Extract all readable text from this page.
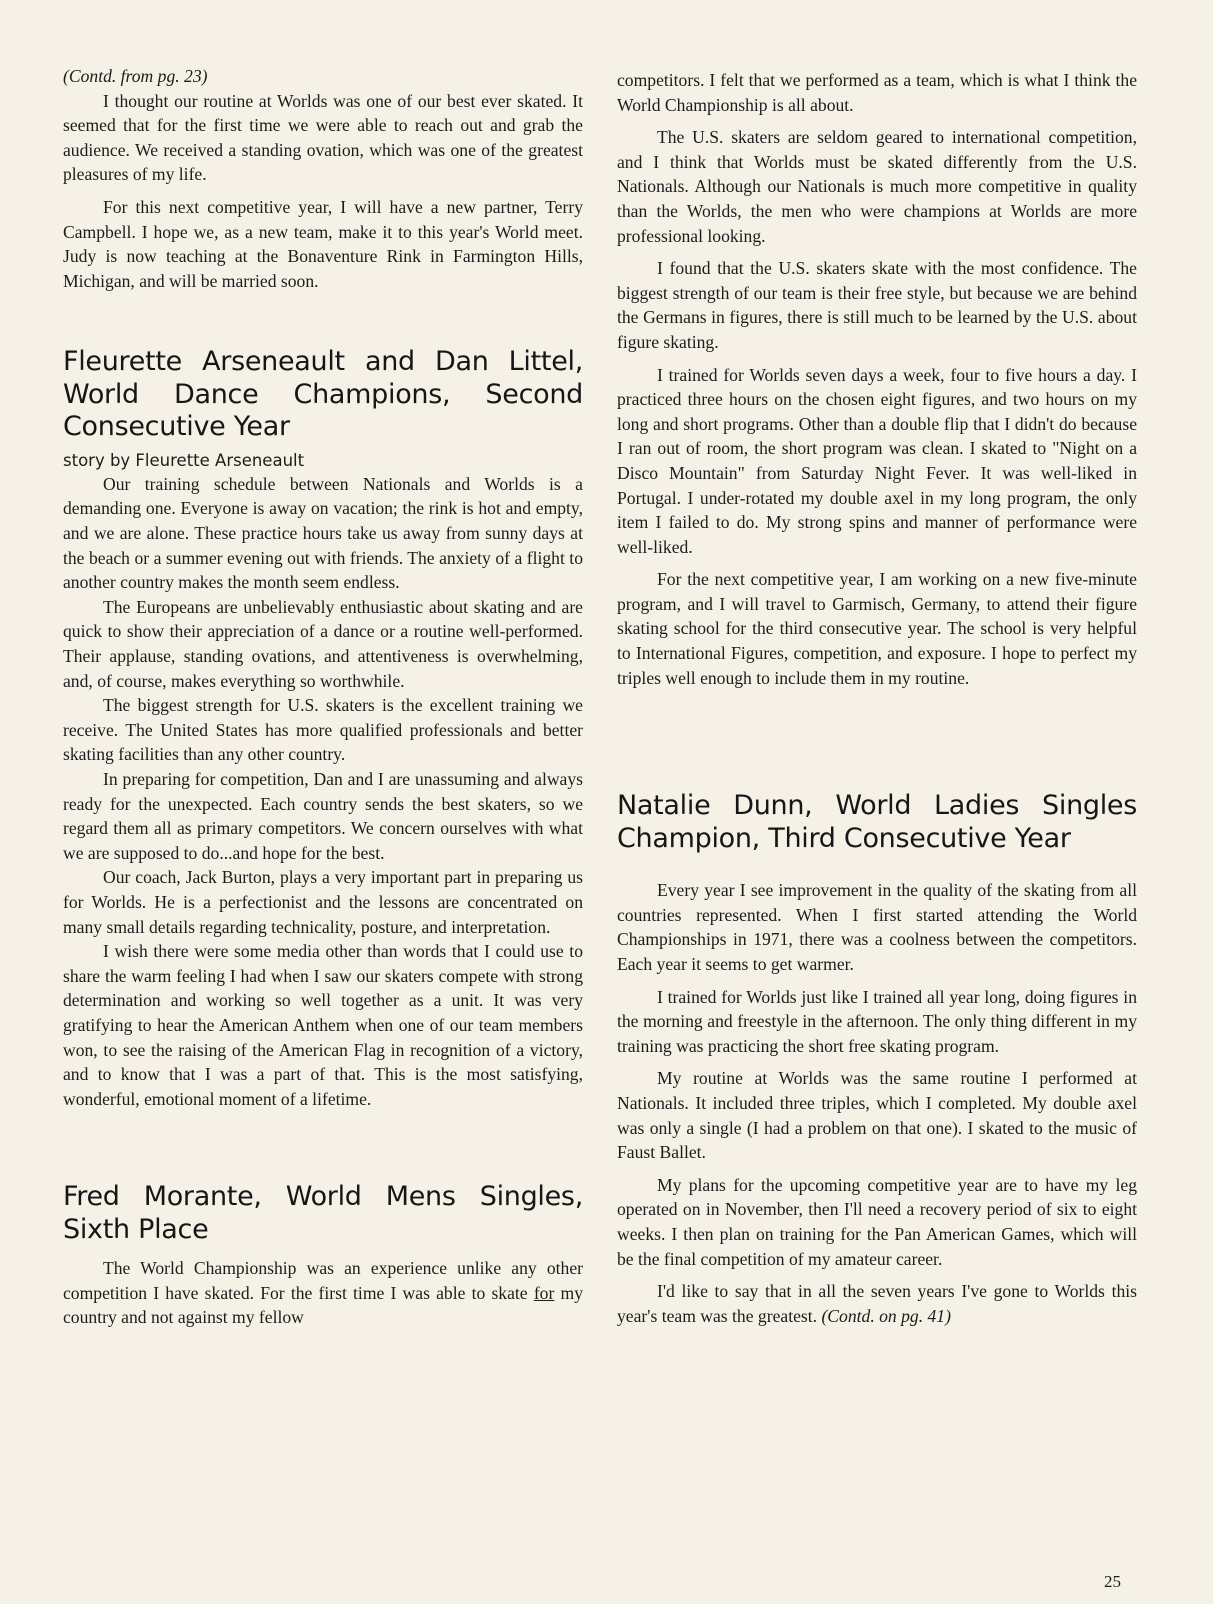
(Contd. from pg. 23)

I thought our routine at Worlds was one of our best ever skated. It seemed that for the first time we were able to reach out and grab the audience. We received a standing ovation, which was one of the greatest pleasures of my life.

For this next competitive year, I will have a new partner, Terry Campbell. I hope we, as a new team, make it to this year's World meet. Judy is now teaching at the Bonaventure Rink in Farmington Hills, Michigan, and will be married soon.

Fleurette Arseneault and Dan Littel, World Dance Champions, Second Consecutive Year
story by Fleurette Arseneault

Our training schedule between Nationals and Worlds is a demanding one. Everyone is away on vacation; the rink is hot and empty, and we are alone. These practice hours take us away from sunny days at the beach or a summer evening out with friends. The anxiety of a flight to another country makes the month seem endless.

The Europeans are unbelievably enthusiastic about skating and are quick to show their appreciation of a dance or a routine well-performed. Their applause, standing ovations, and attentiveness is overwhelming, and, of course, makes everything so worthwhile.

The biggest strength for U.S. skaters is the excellent training we receive. The United States has more qualified professionals and better skating facilities than any other country.

In preparing for competition, Dan and I are unassuming and always ready for the unexpected. Each country sends the best skaters, so we regard them all as primary competitors. We concern ourselves with what we are supposed to do...and hope for the best.

Our coach, Jack Burton, plays a very important part in preparing us for Worlds. He is a perfectionist and the lessons are concentrated on many small details regarding technicality, posture, and interpretation.

I wish there were some media other than words that I could use to share the warm feeling I had when I saw our skaters compete with strong determination and working so well together as a unit. It was very gratifying to hear the American Anthem when one of our team members won, to see the raising of the American Flag in recognition of a victory, and to know that I was a part of that. This is the most satisfying, wonderful, emotional moment of a lifetime.

Fred Morante, World Mens Singles, Sixth Place

The World Championship was an experience unlike any other competition I have skated. For the first time I was able to skate for my country and not against my fellow

competitors. I felt that we performed as a team, which is what I think the World Championship is all about.

The U.S. skaters are seldom geared to international competition, and I think that Worlds must be skated differently from the U.S. Nationals. Although our Nationals is much more competitive in quality than the Worlds, the men who were champions at Worlds are more professional looking.

I found that the U.S. skaters skate with the most confidence. The biggest strength of our team is their free style, but because we are behind the Germans in figures, there is still much to be learned by the U.S. about figure skating.

I trained for Worlds seven days a week, four to five hours a day. I practiced three hours on the chosen eight figures, and two hours on my long and short programs. Other than a double flip that I didn't do because I ran out of room, the short program was clean. I skated to "Night on a Disco Mountain" from Saturday Night Fever. It was well-liked in Portugal. I under-rotated my double axel in my long program, the only item I failed to do. My strong spins and manner of performance were well-liked.

For the next competitive year, I am working on a new five-minute program, and I will travel to Garmisch, Germany, to attend their figure skating school for the third consecutive year. The school is very helpful to International Figures, competition, and exposure. I hope to perfect my triples well enough to include them in my routine.

Natalie Dunn, World Ladies Singles Champion, Third Consecutive Year

Every year I see improvement in the quality of the skating from all countries represented. When I first started attending the World Championships in 1971, there was a coolness between the competitors. Each year it seems to get warmer.

I trained for Worlds just like I trained all year long, doing figures in the morning and freestyle in the afternoon. The only thing different in my training was practicing the short free skating program.

My routine at Worlds was the same routine I performed at Nationals. It included three triples, which I completed. My double axel was only a single (I had a problem on that one). I skated to the music of Faust Ballet.

My plans for the upcoming competitive year are to have my leg operated on in November, then I'll need a recovery period of six to eight weeks. I then plan on training for the Pan American Games, which will be the final competition of my amateur career.

I'd like to say that in all the seven years I've gone to Worlds this year's team was the greatest. (Contd. on pg. 41)

25
